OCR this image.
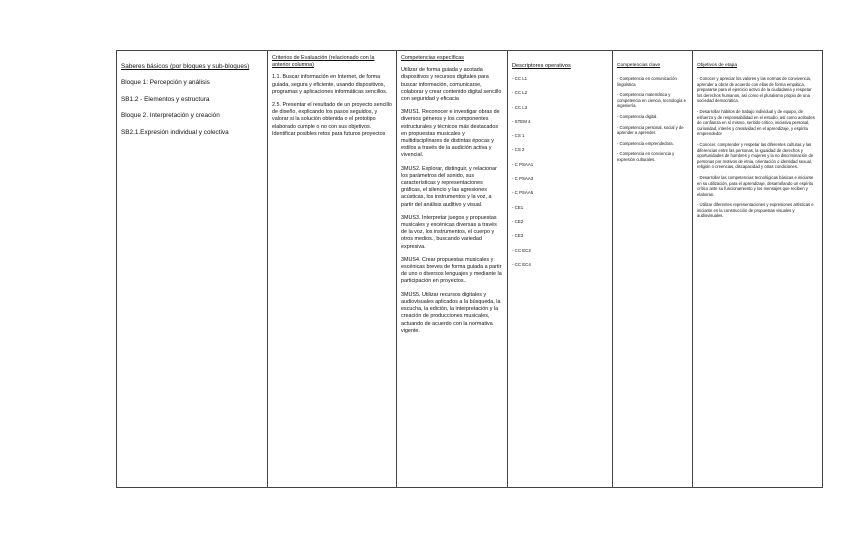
Saberes básicos (por bloques y sub-bloques)
Bloque 1: Percepción y análisis
SB1.2 - Elementos y estructura
Bloque 2. Interpretación y creación
SB2.1.Expresión individual y colectiva

Criterios de Evaluación (relacionado con la anterior columna)
1.1. Buscar información en Internet, de forma guiada, segura y eficiente, usando dispositivos, programas y aplicaciones informáticas sencillos.
2.5. Presentar el resultado de un proyecto sencillo de diseño, explicando los pasos seguidos, y valorar si la solución obtenida o el prototipo elaborado cumple o no con sus objetivos. Identificar posibles retos para futuros proyectos

Competencias específicas
Utilizar de forma guiada y acotada dispositivos y recursos digitales para buscar información, comunicarse, colaborar y crear contenido digital sencillo con seguridad y eficacia
3MUS1. Reconocer e investigar obras de diversos géneros y los componentes estructurales y técnicos más destacados en propuestas musicales y multidisciplinares de distintas épocas y estilos a través de la audición activa y vivencial.
3MUS2. Explorar, distinguir, y relacionar los parámetros del sonido, sus características y representaciones gráficas, el silencio y las agresiones acústicas, los instrumentos y la voz, a partir del análisis auditivo y visual.
3MUS3. Interpretar juegos y propuestas musicales y escénicas diversas a través de la voz, los instrumentos, el cuerpo y otros medios., buscando variedad expresiva.
3MUS4. Crear propuestas musicales y escénicas breves de forma guiada a partir de uno o diversos lenguajes y mediante la participación en proyectos..
3MUS5. Utilizar recursos digitales y audiovisuales aplicados a la búsqueda, la escucha, la edición, la interpretación y la creación de producciones musicales, actuando de acuerdo con la normativa vigente.

Descriptores operativos
- CC L1
- CC L2
- CC L3
- STEM 4
- CS 1
- CS 2
- C PSAA1
- C PSAA3
- C PSAA5
- CE1
- CE2
- CE3
- CC EC2
- CC EC4

Competencias clave
- Competencia en comunicación lingüística
- Competencia matemática y competencia en ciencia, tecnología e ingeniería.
- Competencia digital.
- Competencia personal, social y de aprender a aprender.
- Competencia emprendedora.
- Competencia en conciencia y expresión culturales.

Objetivos de etapa
- Conocer y apreciar los valores y las normas de convivencia, aprender a obrar de acuerdo con ellas de forma empática, prepararse para el ejercicio activo de la ciudadanía y respetar los derechos humanos, así como el pluralismo propio de una sociedad democrática.
- Desarrollar hábitos de trabajo individual y de equipo, de esfuerzo y de responsabilidad en el estudio, así como actitudes de confianza en sí mismo, sentido crítico, iniciativa personal, curiosidad, interés y creatividad en el aprendizaje, y espíritu emprendedor
- Conocer, comprender y respetar las diferentes culturas y las diferencias entre las personas, la igualdad de derechos y oportunidades de hombres y mujeres y la no discriminación de personas por motivos de etnia, orientación o identidad sexual, religión o creencias, discapacidad y otras condiciones.
- Desarrollar las competencias tecnológicas básicas e iniciarse en su utilización, para el aprendizaje, desarrollando un espíritu crítico ante su funcionamiento y los mensajes que reciben y elaboran.
- Utilizar diferentes representaciones y expresiones artísticas e iniciarse en la construcción de propuestas visuales y audiovisuales.
